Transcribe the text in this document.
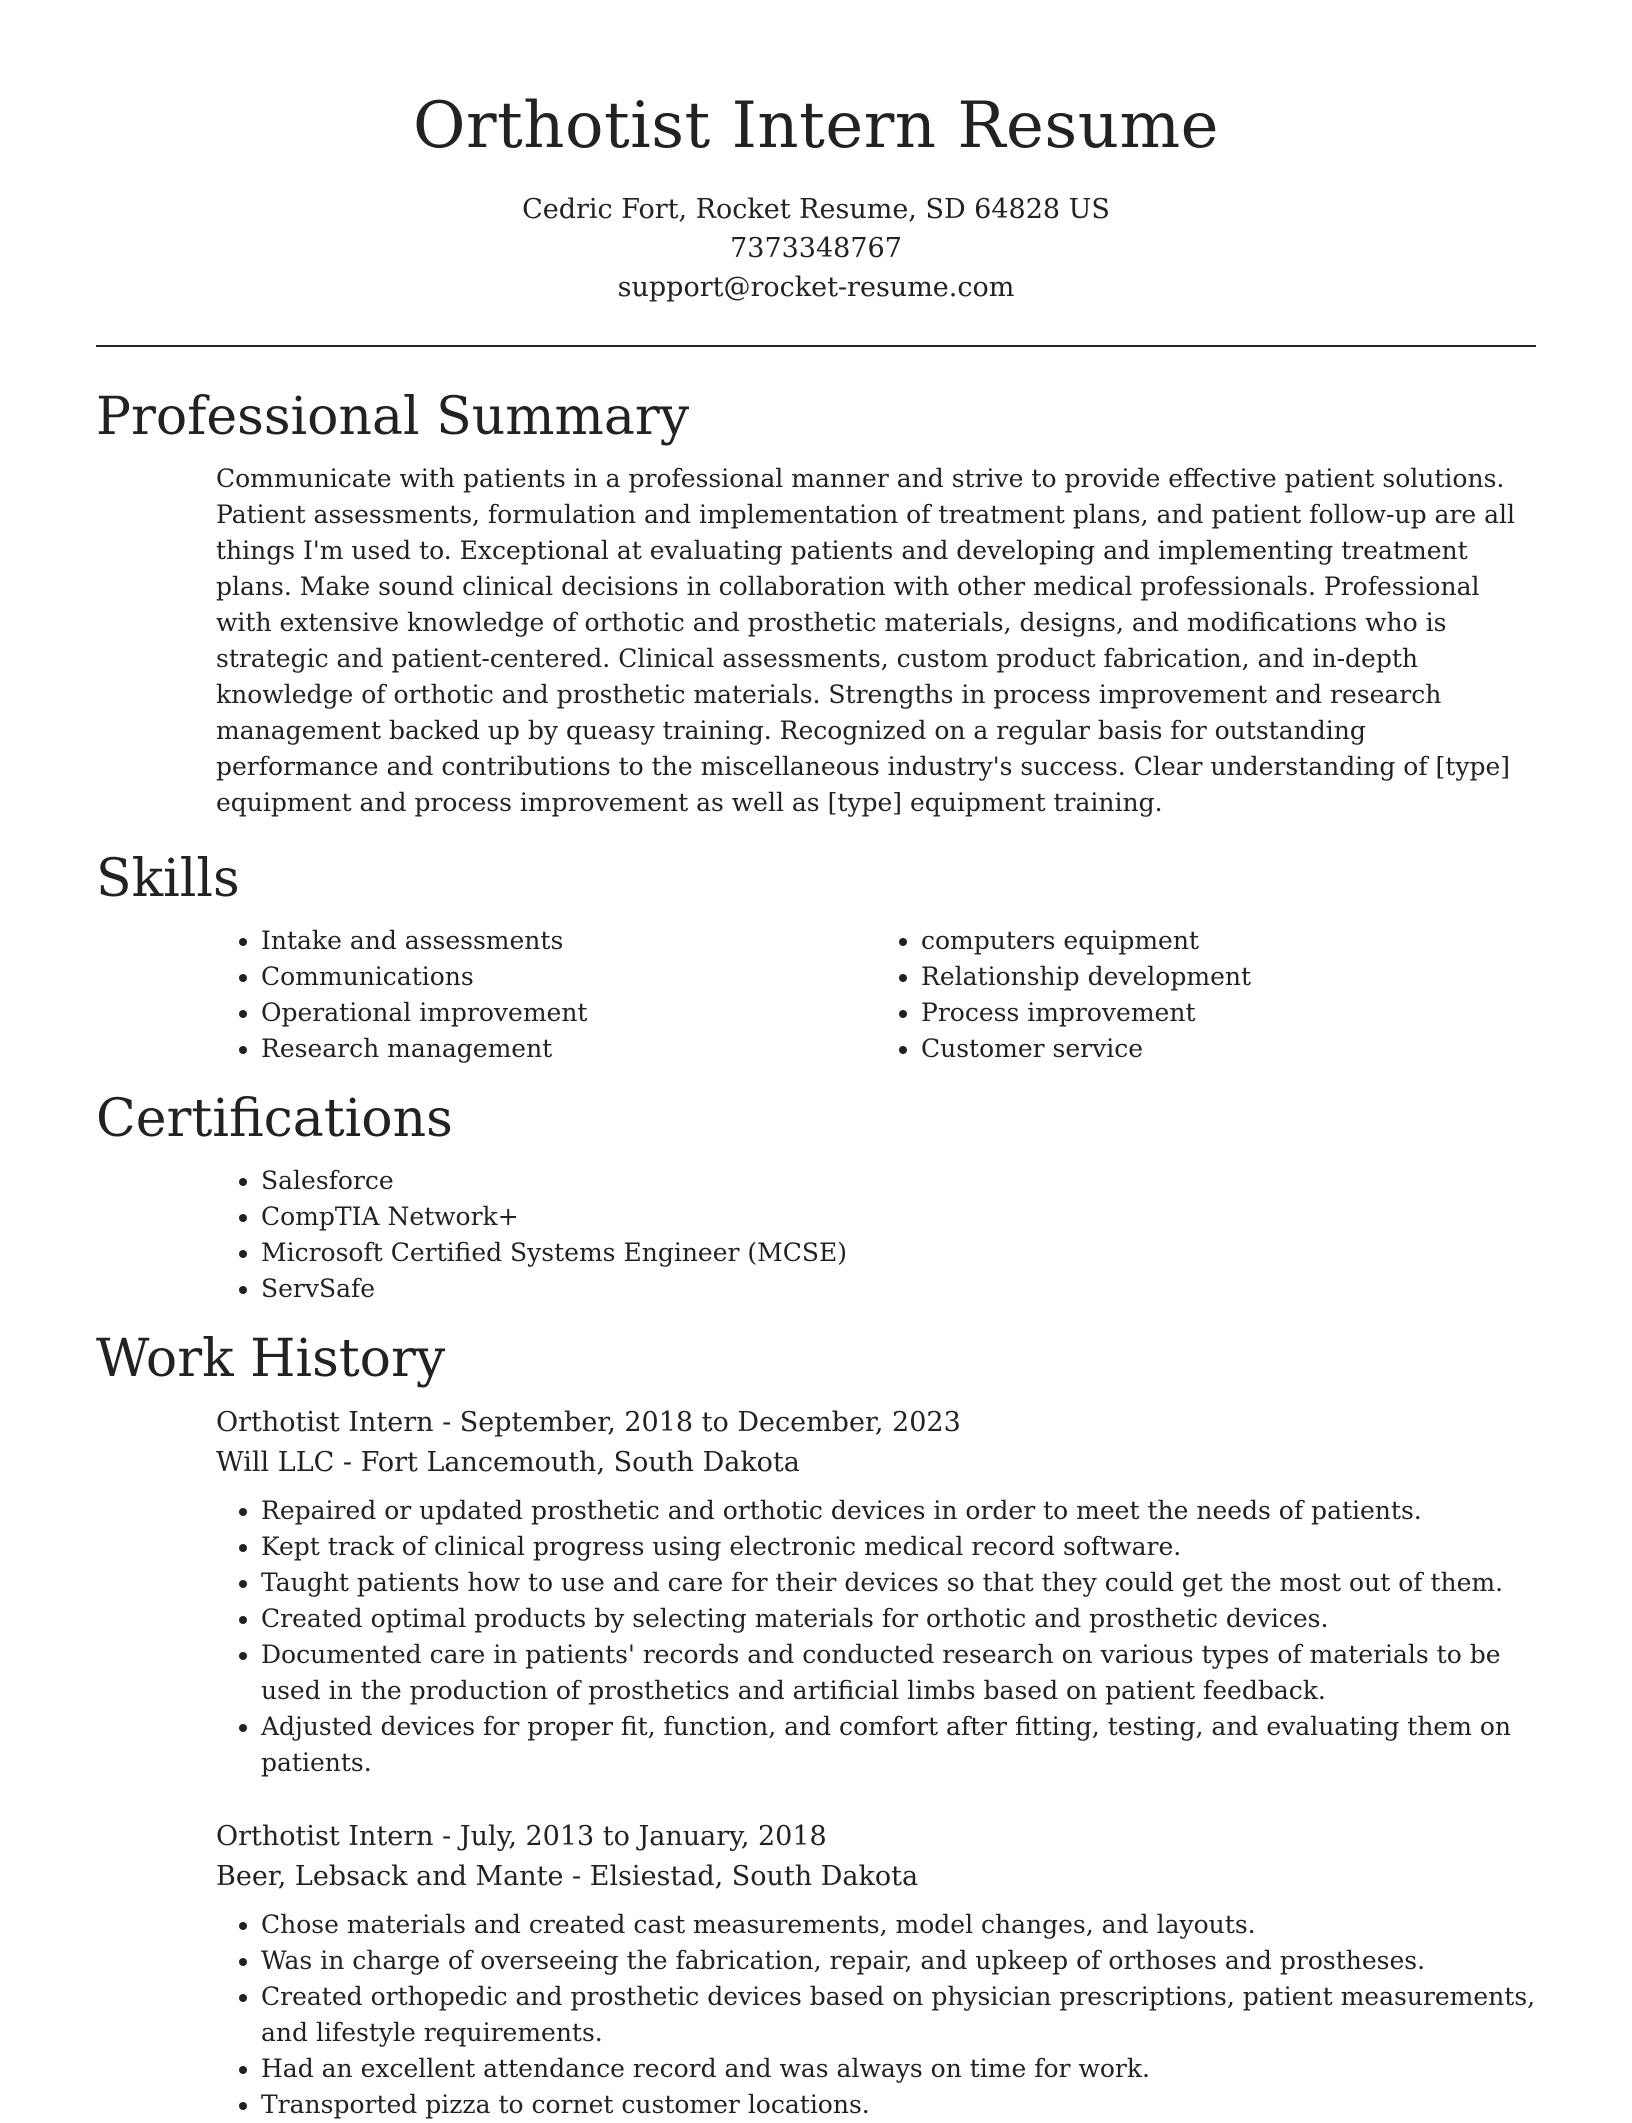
Orthotist Intern Resume
Cedric Fort, Rocket Resume, SD 64828 US
7373348767
support@rocket-resume.com
Professional Summary

Communicate with patients in a professional manner and strive to provide effective patient solutions. Patient assessments, formulation and implementation of treatment plans, and patient follow-up are all things I'm used to. Exceptional at evaluating patients and developing and implementing treatment plans. Make sound clinical decisions in collaboration with other medical professionals. Professional with extensive knowledge of orthotic and prosthetic materials, designs, and modifications who is strategic and patient-centered. Clinical assessments, custom product fabrication, and in-depth knowledge of orthotic and prosthetic materials. Strengths in process improvement and research management backed up by queasy training. Recognized on a regular basis for outstanding performance and contributions to the miscellaneous industry's success. Clear understanding of [type] equipment and process improvement as well as [type] equipment training.

Skills
• Intake and assessments
• Communications
• Operational improvement
• Research management
• computers equipment
• Relationship development
• Process improvement
• Customer service
Certifications
• Salesforce
• CompTIA Network+
• Microsoft Certified Systems Engineer (MCSE)
• ServSafe
Work History
Orthotist Intern - September, 2018 to December, 2023
Will LLC - Fort Lancemouth, South Dakota
• Repaired or updated prosthetic and orthotic devices in order to meet the needs of patients.
• Kept track of clinical progress using electronic medical record software.
• Taught patients how to use and care for their devices so that they could get the most out of them.
• Created optimal products by selecting materials for orthotic and prosthetic devices.
• Documented care in patients' records and conducted research on various types of materials to be used in the production of prosthetics and artificial limbs based on patient feedback.
• Adjusted devices for proper fit, function, and comfort after fitting, testing, and evaluating them on patients.
Orthotist Intern - July, 2013 to January, 2018
Beer, Lebsack and Mante - Elsiestad, South Dakota
• Chose materials and created cast measurements, model changes, and layouts.
• Was in charge of overseeing the fabrication, repair, and upkeep of orthoses and prostheses.
• Created orthopedic and prosthetic devices based on physician prescriptions, patient measurements, and lifestyle requirements.
• Had an excellent attendance record and was always on time for work.
• Transported pizza to cornet customer locations.
